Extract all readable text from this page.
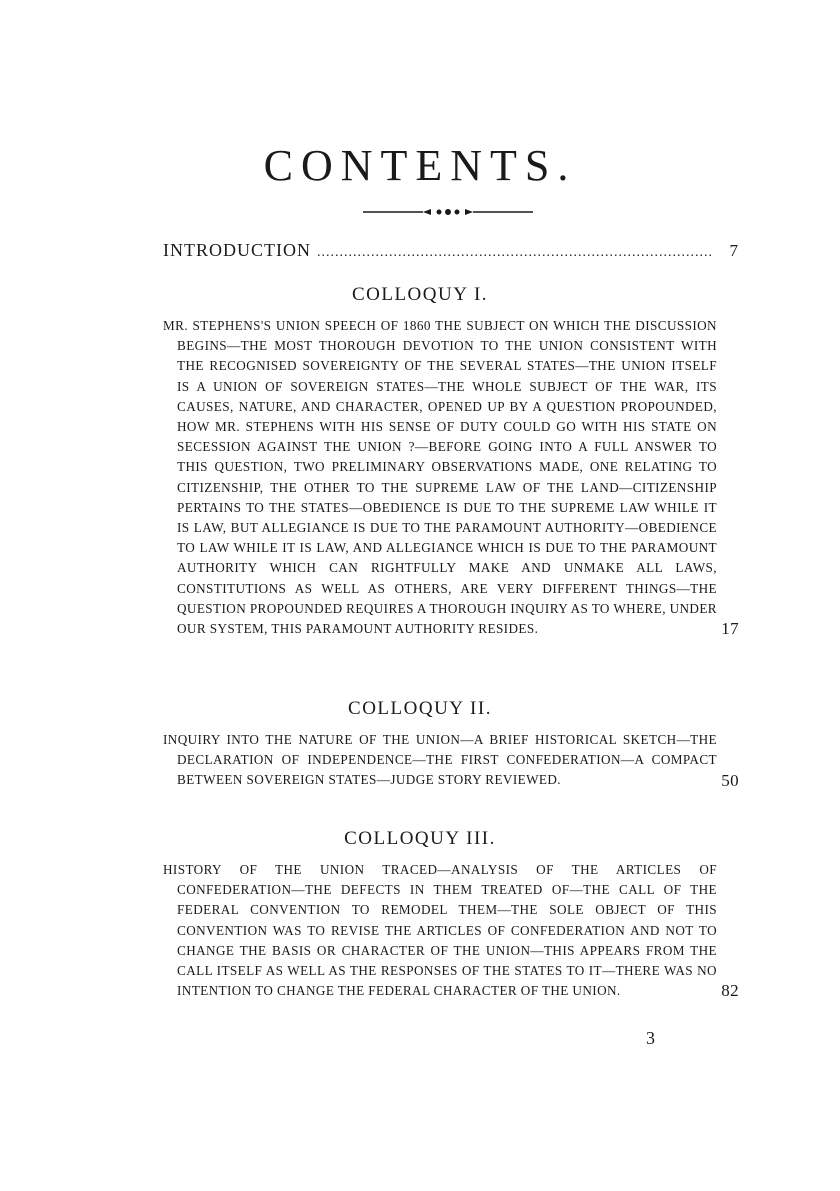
CONTENTS.
INTRODUCTION .....	7
COLLOQUY I.
MR. STEPHENS'S UNION SPEECH OF 1860 THE SUBJECT ON WHICH THE DISCUSSION BEGINS—THE MOST THOROUGH DEVOTION TO THE UNION CONSISTENT WITH THE RECOGNISED SOVEREIGNTY OF THE SEVERAL STATES—THE UNION ITSELF IS A UNION OF SOVEREIGN STATES—THE WHOLE SUBJECT OF THE WAR, ITS CAUSES, NATURE, AND CHARACTER, OPENED UP BY A QUESTION PROPOUNDED, HOW MR. STEPHENS WITH HIS SENSE OF DUTY COULD GO WITH HIS STATE ON SECESSION AGAINST THE UNION ?—BEFORE GOING INTO A FULL ANSWER TO THIS QUESTION, TWO PRELIMINARY OBSERVATIONS MADE, ONE RELATING TO CITIZENSHIP, THE OTHER TO THE SUPREME LAW OF THE LAND—CITIZENSHIP PERTAINS TO THE STATES—OBEDIENCE IS DUE TO THE SUPREME LAW WHILE IT IS LAW, BUT ALLEGIANCE IS DUE TO THE PARAMOUNT AUTHORITY—OBEDIENCE TO LAW WHILE IT IS LAW, AND ALLEGIANCE WHICH IS DUE TO THE PARAMOUNT AUTHORITY WHICH CAN RIGHTFULLY MAKE AND UNMAKE ALL LAWS, CONSTITUTIONS AS WELL AS OTHERS, ARE VERY DIFFERENT THINGS—THE QUESTION PROPOUNDED REQUIRES A THOROUGH INQUIRY AS TO WHERE, UNDER OUR SYSTEM, THIS PARAMOUNT AUTHORITY RESIDES.	17
COLLOQUY II.
INQUIRY INTO THE NATURE OF THE UNION—A BRIEF HISTORICAL SKETCH—THE DECLARATION OF INDEPENDENCE—THE FIRST CONFEDERATION—A COMPACT BETWEEN SOVEREIGN STATES—JUDGE STORY REVIEWED.	50
COLLOQUY III.
HISTORY OF THE UNION TRACED—ANALYSIS OF THE ARTICLES OF CONFEDERATION—THE DEFECTS IN THEM TREATED OF—THE CALL OF THE FEDERAL CONVENTION TO REMODEL THEM—THE SOLE OBJECT OF THIS CONVENTION WAS TO REVISE THE ARTICLES OF CONFEDERATION AND NOT TO CHANGE THE BASIS OR CHARACTER OF THE UNION—THIS APPEARS FROM THE CALL ITSELF AS WELL AS THE RESPONSES OF THE STATES TO IT—THERE WAS NO INTENTION TO CHANGE THE FEDERAL CHARACTER OF THE UNION.	82
3
